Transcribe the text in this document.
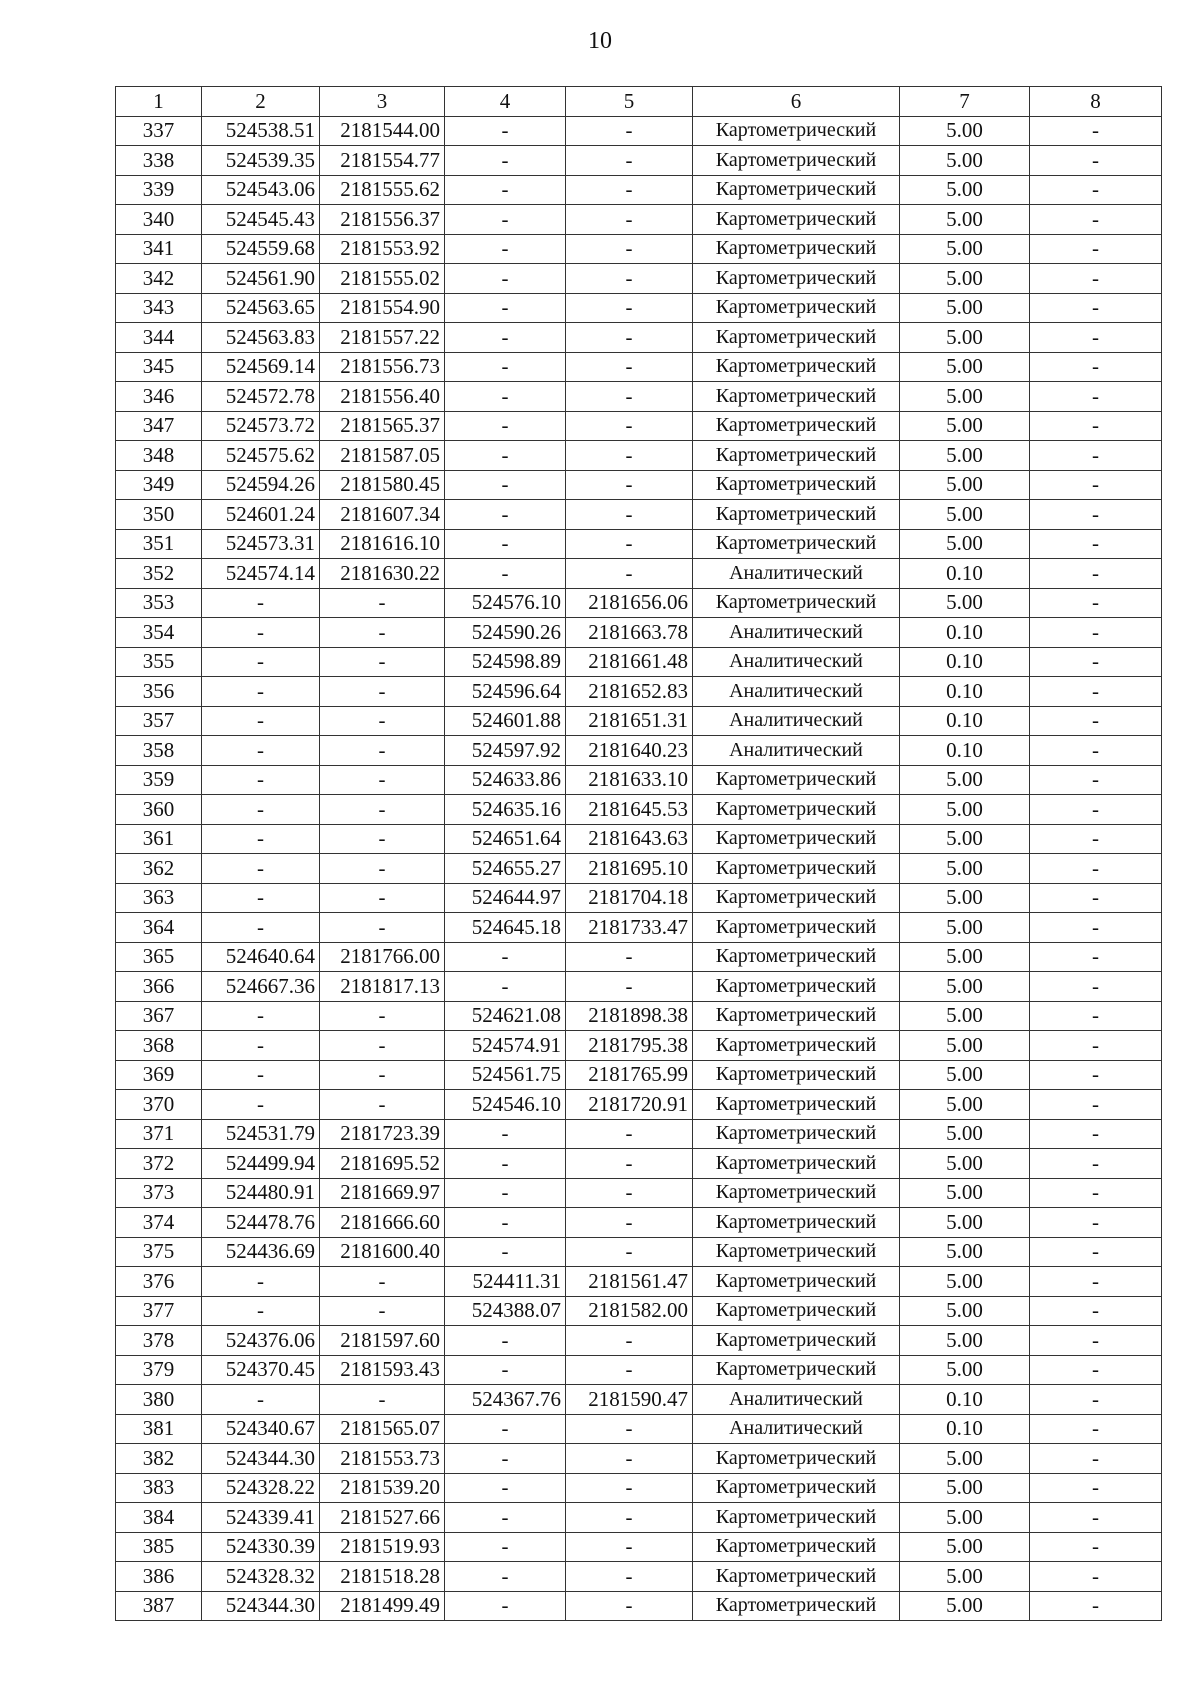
10
1	2	3	4	5	6	7	8
337	524538.51	2181544.00	-	-	Картометрический	5.00	-
338	524539.35	2181554.77	-	-	Картометрический	5.00	-
339	524543.06	2181555.62	-	-	Картометрический	5.00	-
340	524545.43	2181556.37	-	-	Картометрический	5.00	-
341	524559.68	2181553.92	-	-	Картометрический	5.00	-
342	524561.90	2181555.02	-	-	Картометрический	5.00	-
343	524563.65	2181554.90	-	-	Картометрический	5.00	-
344	524563.83	2181557.22	-	-	Картометрический	5.00	-
345	524569.14	2181556.73	-	-	Картометрический	5.00	-
346	524572.78	2181556.40	-	-	Картометрический	5.00	-
347	524573.72	2181565.37	-	-	Картометрический	5.00	-
348	524575.62	2181587.05	-	-	Картометрический	5.00	-
349	524594.26	2181580.45	-	-	Картометрический	5.00	-
350	524601.24	2181607.34	-	-	Картометрический	5.00	-
351	524573.31	2181616.10	-	-	Картометрический	5.00	-
352	524574.14	2181630.22	-	-	Аналитический	0.10	-
353	-	-	524576.10	2181656.06	Картометрический	5.00	-
354	-	-	524590.26	2181663.78	Аналитический	0.10	-
355	-	-	524598.89	2181661.48	Аналитический	0.10	-
356	-	-	524596.64	2181652.83	Аналитический	0.10	-
357	-	-	524601.88	2181651.31	Аналитический	0.10	-
358	-	-	524597.92	2181640.23	Аналитический	0.10	-
359	-	-	524633.86	2181633.10	Картометрический	5.00	-
360	-	-	524635.16	2181645.53	Картометрический	5.00	-
361	-	-	524651.64	2181643.63	Картометрический	5.00	-
362	-	-	524655.27	2181695.10	Картометрический	5.00	-
363	-	-	524644.97	2181704.18	Картометрический	5.00	-
364	-	-	524645.18	2181733.47	Картометрический	5.00	-
365	524640.64	2181766.00	-	-	Картометрический	5.00	-
366	524667.36	2181817.13	-	-	Картометрический	5.00	-
367	-	-	524621.08	2181898.38	Картометрический	5.00	-
368	-	-	524574.91	2181795.38	Картометрический	5.00	-
369	-	-	524561.75	2181765.99	Картометрический	5.00	-
370	-	-	524546.10	2181720.91	Картометрический	5.00	-
371	524531.79	2181723.39	-	-	Картометрический	5.00	-
372	524499.94	2181695.52	-	-	Картометрический	5.00	-
373	524480.91	2181669.97	-	-	Картометрический	5.00	-
374	524478.76	2181666.60	-	-	Картометрический	5.00	-
375	524436.69	2181600.40	-	-	Картометрический	5.00	-
376	-	-	524411.31	2181561.47	Картометрический	5.00	-
377	-	-	524388.07	2181582.00	Картометрический	5.00	-
378	524376.06	2181597.60	-	-	Картометрический	5.00	-
379	524370.45	2181593.43	-	-	Картометрический	5.00	-
380	-	-	524367.76	2181590.47	Аналитический	0.10	-
381	524340.67	2181565.07	-	-	Аналитический	0.10	-
382	524344.30	2181553.73	-	-	Картометрический	5.00	-
383	524328.22	2181539.20	-	-	Картометрический	5.00	-
384	524339.41	2181527.66	-	-	Картометрический	5.00	-
385	524330.39	2181519.93	-	-	Картометрический	5.00	-
386	524328.32	2181518.28	-	-	Картометрический	5.00	-
387	524344.30	2181499.49	-	-	Картометрический	5.00	-
